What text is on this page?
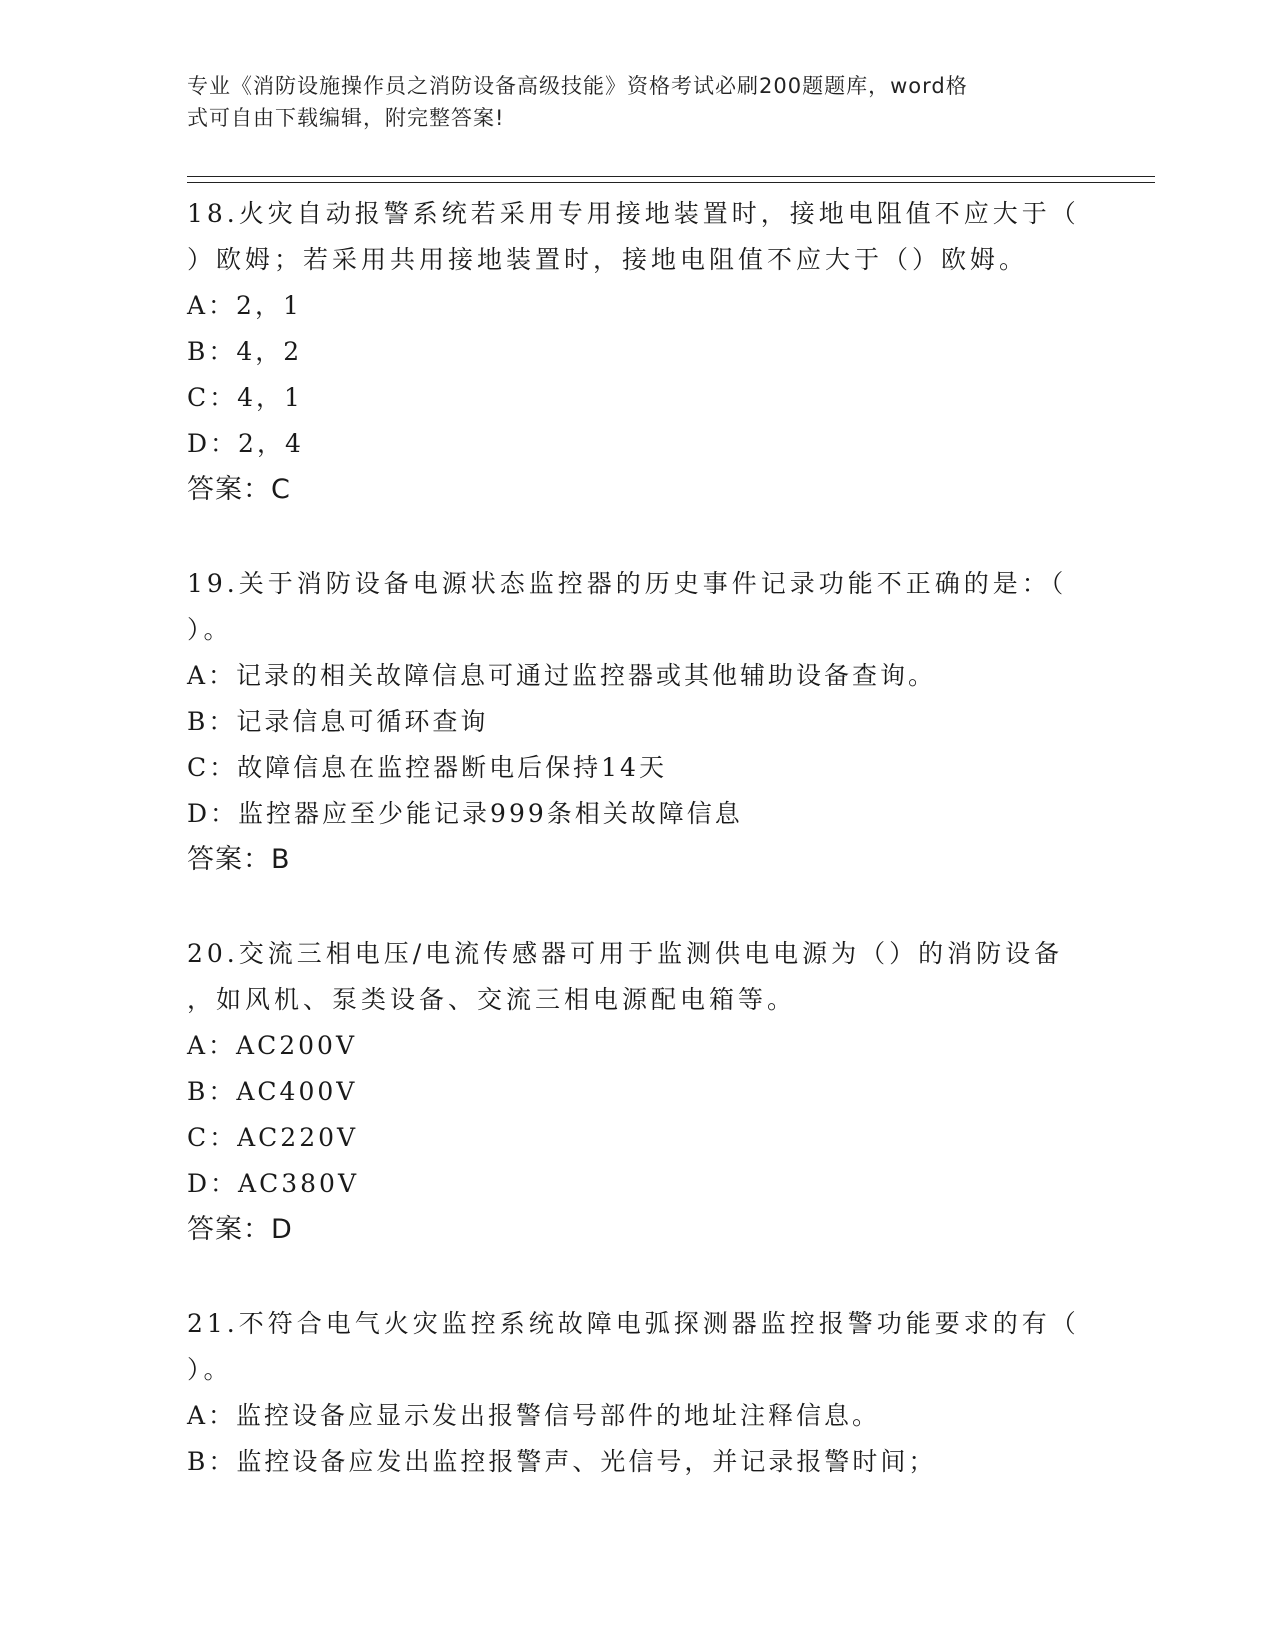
专业《消防设施操作员之消防设备高级技能》资格考试必刷200题题库，word格
式可自由下载编辑，附完整答案!
18.火灾自动报警系统若采用专用接地装置时，接地电阻值不应大于（
）欧姆；若采用共用接地装置时，接地电阻值不应大于（）欧姆。
A：2，1
B：4，2
C：4，1
D：2，4
答案：C
19.关于消防设备电源状态监控器的历史事件记录功能不正确的是：（
）。
A：记录的相关故障信息可通过监控器或其他辅助设备查询。
B：记录信息可循环查询
C：故障信息在监控器断电后保持14天
D：监控器应至少能记录999条相关故障信息
答案：B
20.交流三相电压/电流传感器可用于监测供电电源为（）的消防设备
，如风机、泵类设备、交流三相电源配电箱等。
A：AC200V
B：AC400V
C：AC220V
D：AC380V
答案：D
21.不符合电气火灾监控系统故障电弧探测器监控报警功能要求的有（
）。
A：监控设备应显示发出报警信号部件的地址注释信息。
B：监控设备应发出监控报警声、光信号，并记录报警时间；
